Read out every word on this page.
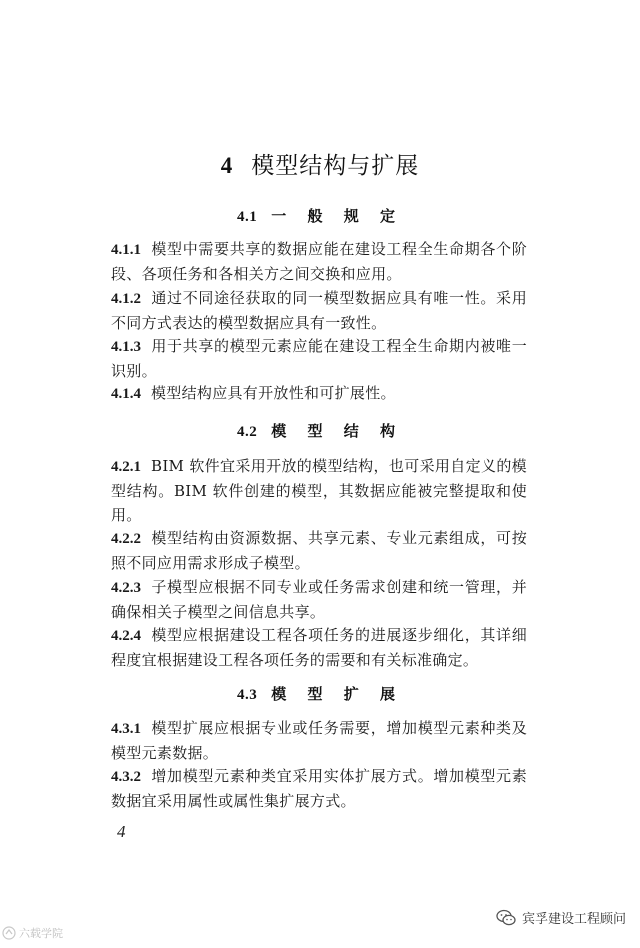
4 模型结构与扩展
4.1 一 般 规 定
4.1.1 模型中需要共享的数据应能在建设工程全生命期各个阶段、各项任务和各相关方之间交换和应用。
4.1.2 通过不同途径获取的同一模型数据应具有唯一性。采用不同方式表达的模型数据应具有一致性。
4.1.3 用于共享的模型元素应能在建设工程全生命期内被唯一识别。
4.1.4 模型结构应具有开放性和可扩展性。
4.2 模 型 结 构
4.2.1 BIM 软件宜采用开放的模型结构，也可采用自定义的模型结构。BIM 软件创建的模型，其数据应能被完整提取和使用。
4.2.2 模型结构由资源数据、共享元素、专业元素组成，可按照不同应用需求形成子模型。
4.2.3 子模型应根据不同专业或任务需求创建和统一管理，并确保相关子模型之间信息共享。
4.2.4 模型应根据建设工程各项任务的进展逐步细化，其详细程度宜根据建设工程各项任务的需要和有关标准确定。
4.3 模 型 扩 展
4.3.1 模型扩展应根据专业或任务需要，增加模型元素种类及模型元素数据。
4.3.2 增加模型元素种类宜采用实体扩展方式。增加模型元素数据宜采用属性或属性集扩展方式。
4
六载学院
宾孚建设工程顾问
